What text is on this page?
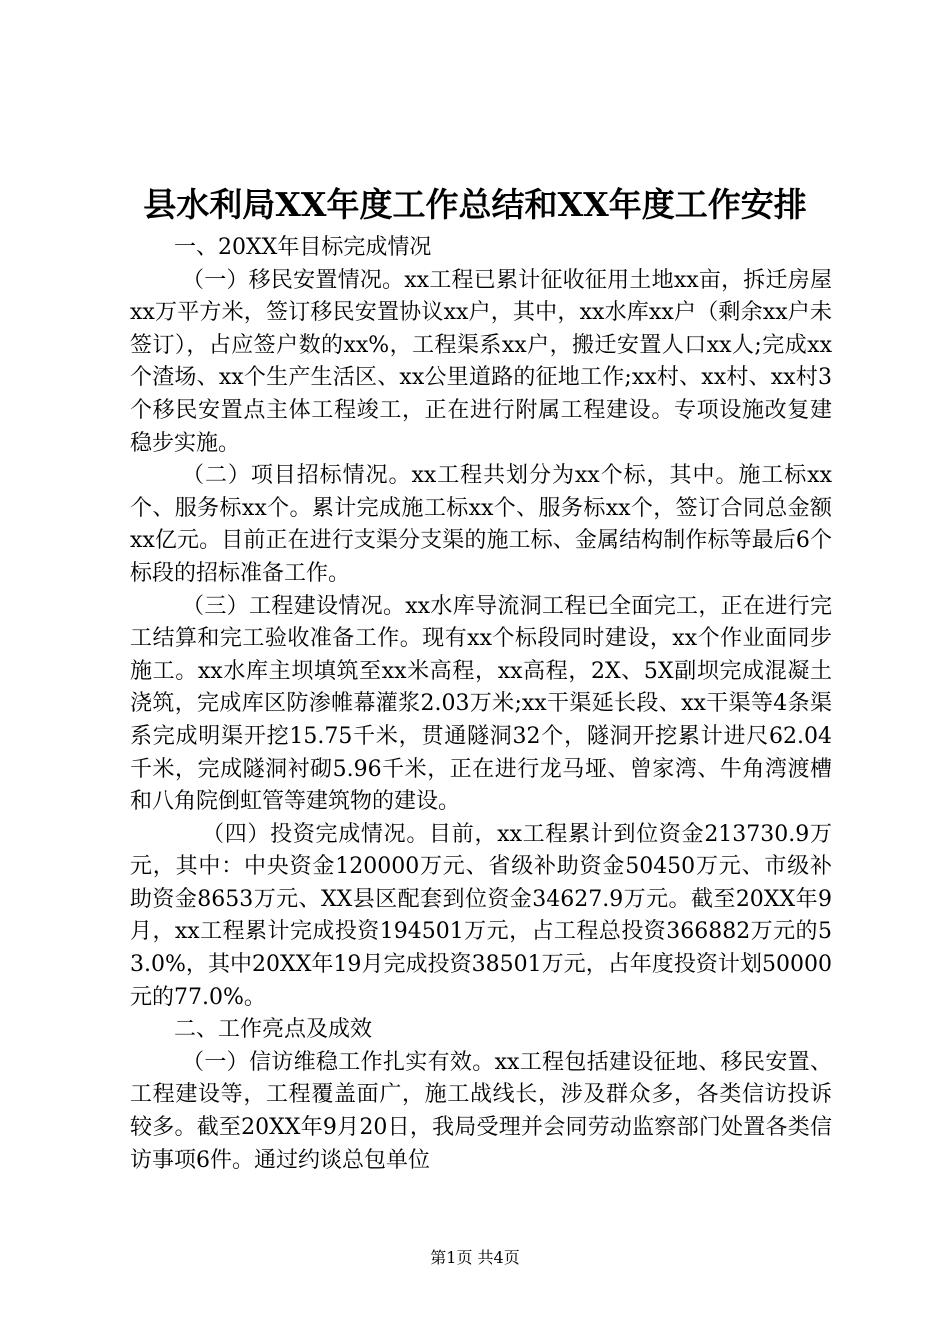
县水利局XX年度工作总结和XX年度工作安排

一、20XX年目标完成情况

（一）移民安置情况。xx工程已累计征收征用土地xx亩，拆迁房屋xx万平方米，签订移民安置协议xx户，其中，xx水库xx户（剩余xx户未签订），占应签户数的xx%，工程渠系xx户，搬迁安置人口xx人;完成xx个渣场、xx个生产生活区、xx公里道路的征地工作;xx村、xx村、xx村3个移民安置点主体工程竣工，正在进行附属工程建设。专项设施改复建稳步实施。

（二）项目招标情况。xx工程共划分为xx个标，其中。施工标xx个、服务标xx个。累计完成施工标xx个、服务标xx个，签订合同总金额xx亿元。目前正在进行支渠分支渠的施工标、金属结构制作标等最后6个标段的招标准备工作。

（三）工程建设情况。xx水库导流洞工程已全面完工，正在进行完工结算和完工验收准备工作。现有xx个标段同时建设，xx个作业面同步施工。xx水库主坝填筑至xx米高程，xx高程，2X、5X副坝完成混凝土浇筑，完成库区防渗帷幕灌浆2.03万米;xx干渠延长段、xx干渠等4条渠系完成明渠开挖15.75千米，贯通隧洞32个，隧洞开挖累计进尺62.04千米，完成隧洞衬砌5.96千米，正在进行龙马垭、曾家湾、牛角湾渡槽和八角院倒虹管等建筑物的建设。

（四）投资完成情况。目前，xx工程累计到位资金213730.9万元，其中：中央资金120000万元、省级补助资金50450万元、市级补助资金8653万元、XX县区配套到位资金34627.9万元。截至20XX年9月，xx工程累计完成投资194501万元，占工程总投资366882万元的53.0%，其中20XX年19月完成投资38501万元，占年度投资计划50000元的77.0%。

二、工作亮点及成效

（一）信访维稳工作扎实有效。xx工程包括建设征地、移民安置、工程建设等，工程覆盖面广，施工战线长，涉及群众多，各类信访投诉较多。截至20XX年9月20日，我局受理并会同劳动监察部门处置各类信访事项6件。通过约谈总包单位

第1页 共4页
